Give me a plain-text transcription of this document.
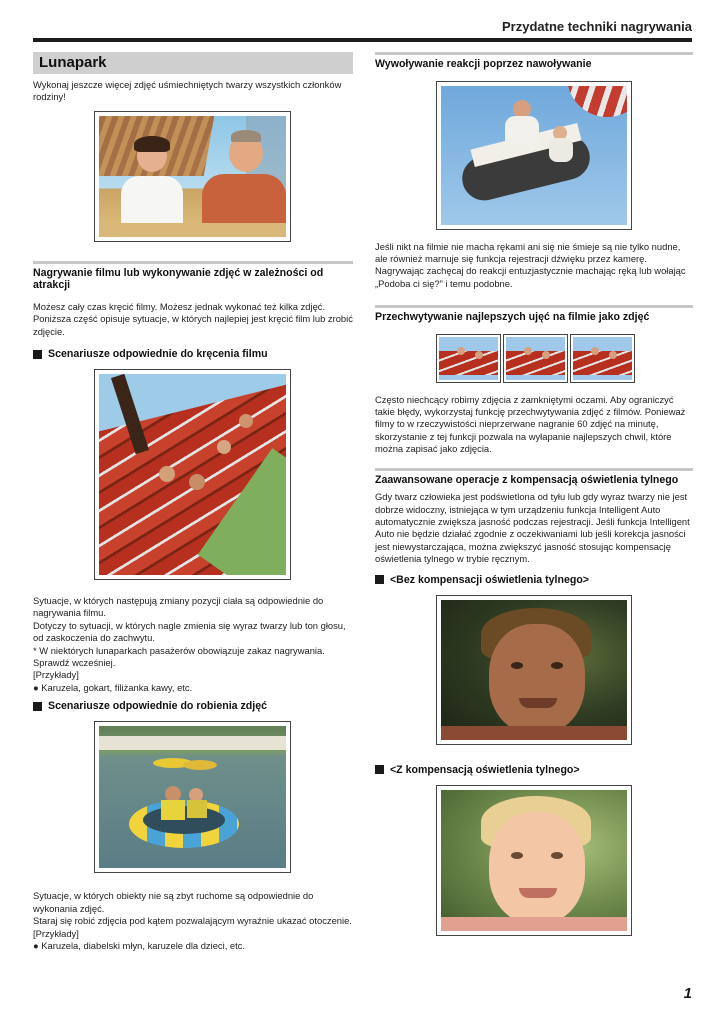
Przydatne techniki nagrywania
Lunapark
Wykonaj jeszcze więcej zdjęć uśmiechniętych twarzy wszystkich członków rodziny!
Nagrywanie filmu lub wykonywanie zdjęć w zależności od atrakcji
Możesz cały czas kręcić filmy. Możesz jednak wykonać też kilka zdjęć. Poniższa część opisuje sytuacje, w których najlepiej jest kręcić film lub zrobić zdjęcie.
Scenariusze odpowiednie do kręcenia filmu
Sytuacje, w których następują zmiany pozycji ciała są odpowiednie do nagrywania filmu.
Dotyczy to sytuacji, w których nagle zmienia się wyraz twarzy lub ton głosu, od zaskoczenia do zachwytu.
* W niektórych lunaparkach pasażerów obowiązuje zakaz nagrywania. Sprawdź wcześniej.
[Przykłady]
● Karuzela, gokart, filiżanka kawy, etc.
Scenariusze odpowiednie do robienia zdjęć
Sytuacje, w których obiekty nie są zbyt ruchome są odpowiednie do wykonania zdjęć.
Staraj się robić zdjęcia pod kątem pozwalającym wyraźnie ukazać otoczenie.
[Przykłady]
● Karuzela, diabelski młyn, karuzele dla dzieci, etc.
Wywoływanie reakcji poprzez nawoływanie
Jeśli nikt na filmie nie macha rękami ani się nie śmieje są nie tylko nudne, ale również marnuje się funkcja rejestracji dźwięku przez kamerę. Nagrywając zachęcaj do reakcji entuzjastycznie machając ręką lub wołając „Podoba ci się?” i temu podobne.
Przechwytywanie najlepszych ujęć na filmie jako zdjęć
Często niechcący robimy zdjęcia z zamkniętymi oczami. Aby ograniczyć takie błędy, wykorzystaj funkcję przechwytywania zdjęć z filmów. Ponieważ filmy to w rzeczywistości nieprzerwane nagranie 60 zdjęć na minutę, skorzystanie z tej funkcji pozwala na wyłapanie najlepszych chwil, które można zapisać jako zdjęcia.
Zaawansowane operacje z kompensacją oświetlenia tylnego
Gdy twarz człowieka jest podświetlona od tyłu lub gdy wyraz twarzy nie jest dobrze widoczny, istniejąca w tym urządzeniu funkcja Intelligent Auto automatycznie zwiększa jasność podczas rejestracji. Jeśli funkcja Intelligent Auto nie będzie działać zgodnie z oczekiwaniami lub jeśli korekcja jasności jest niewystarczająca, można zwiększyć jasność stosując kompensację oświetlenia tylnego w trybie ręcznym.
<Bez kompensacji oświetlenia tylnego>
<Z kompensacją oświetlenia tylnego>
1
